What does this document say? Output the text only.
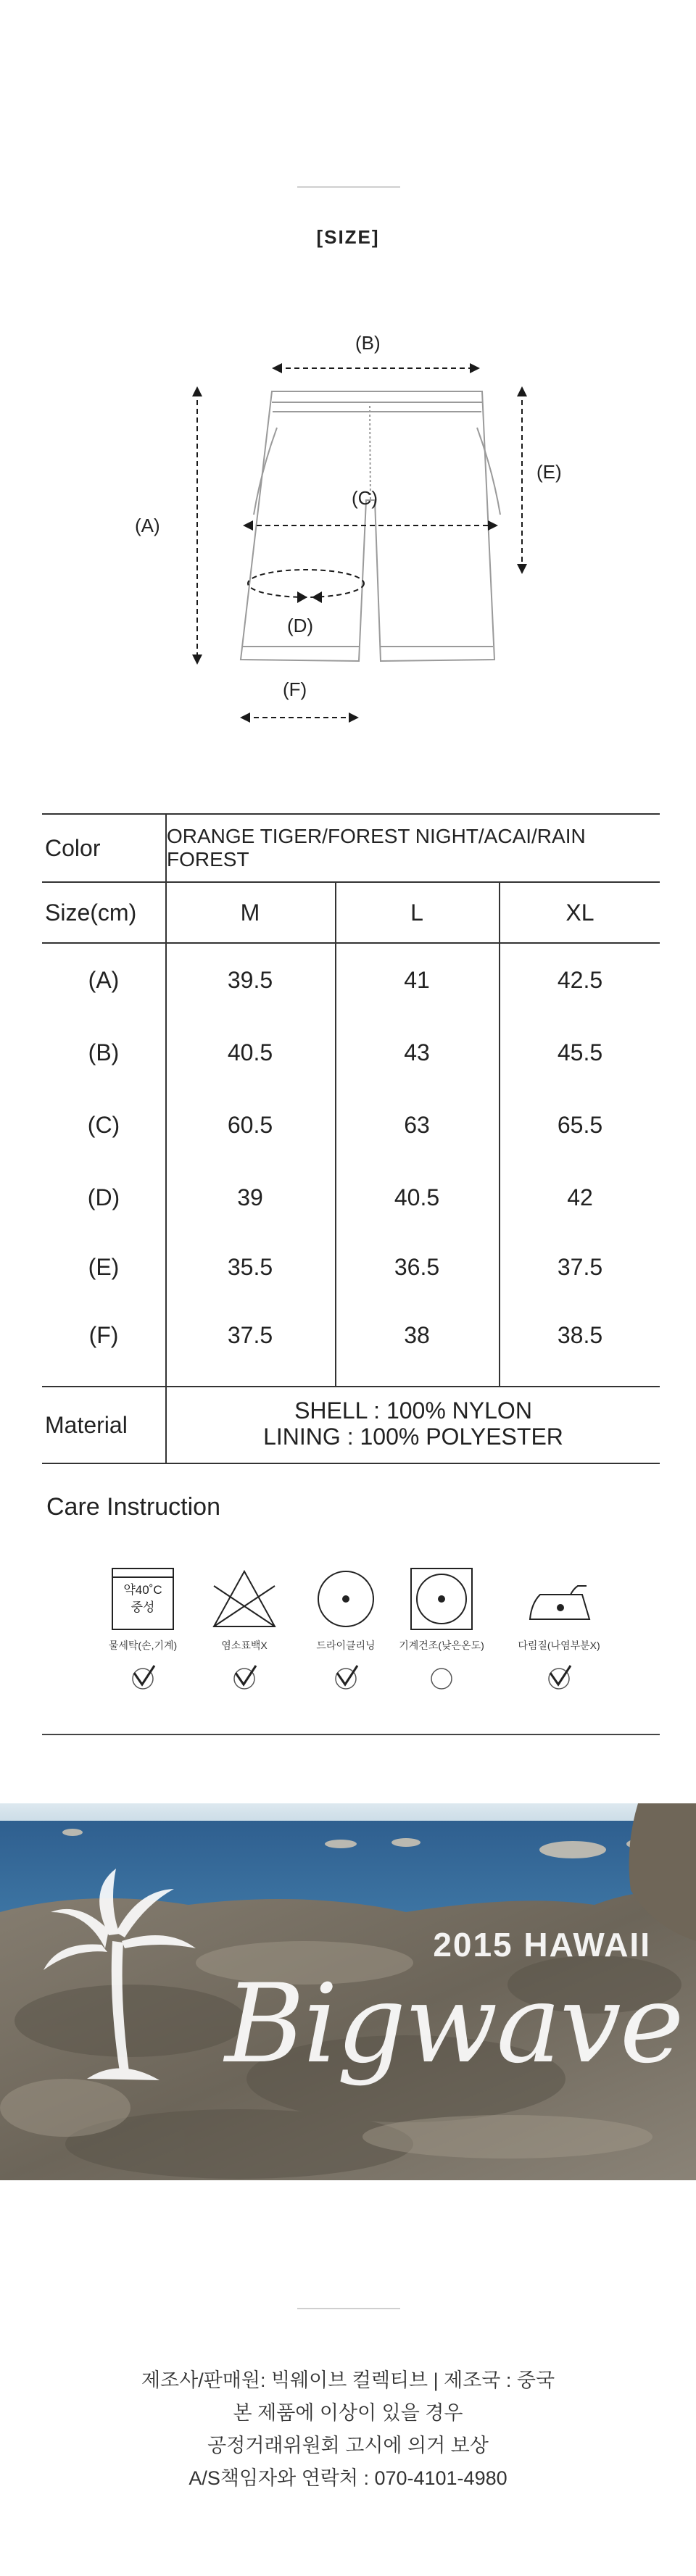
[SIZE]
(B)
(A)
(E)
(C)
(D)
(F)
Color	ORANGE TIGER/FOREST NIGHT/ACAI/RAIN FOREST
Size(cm)	M	L	XL
(A)	39.5	41	42.5
(B)	40.5	43	45.5
(C)	60.5	63	65.5
(D)	39	40.5	42
(E)	35.5	36.5	37.5
(F)	37.5	38	38.5
Material
SHELL : 100% NYLON
LINING : 100% POLYESTER
Care Instruction
약40˚C
중성
물세탁(손,기계)	염소표백X	드라이클리닝	기계건조(낮은온도)	다림질(나염부분X)
2015 HAWAII
Bigwave
제조사/판매원: 빅웨이브 컬렉티브 | 제조국 : 중국
본 제품에 이상이 있을 경우
공정거래위원회 고시에 의거 보상
A/S책임자와 연락처 : 070-4101-4980
